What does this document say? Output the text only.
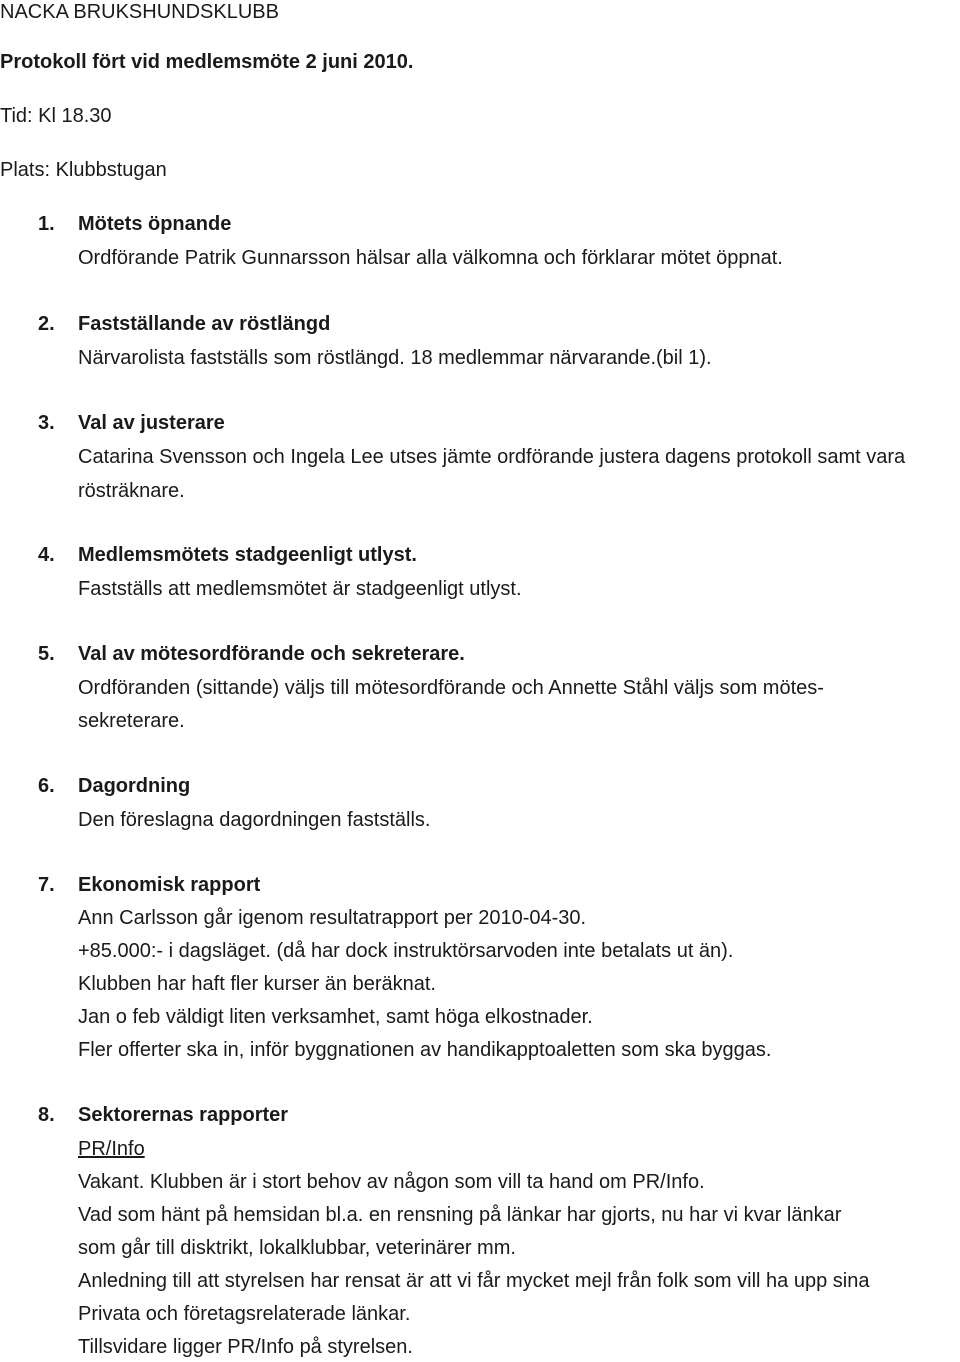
NACKA BRUKSHUNDSKLUBB
Protokoll fört vid medlemsmöte 2 juni 2010.
Tid: Kl 18.30
Plats: Klubbstugan
1. Mötets öpnande
Ordförande Patrik Gunnarsson hälsar alla välkomna och förklarar mötet öppnat.
2. Fastställande av röstlängd
Närvarolista fastställs som röstlängd. 18 medlemmar närvarande.(bil 1).
3. Val av justerare
Catarina Svensson och Ingela Lee utses jämte ordförande justera dagens protokoll samt vara
rösträknare.
4. Medlemsmötets stadgeenligt utlyst.
Fastställs att medlemsmötet är stadgeenligt utlyst.
5. Val av mötesordförande och sekreterare.
Ordföranden (sittande) väljs till mötesordförande och Annette Ståhl väljs som mötes-
sekreterare.
6. Dagordning
Den föreslagna dagordningen fastställs.
7. Ekonomisk rapport
Ann Carlsson går igenom resultatrapport per 2010-04-30.
+85.000:- i dagsläget. (då har dock instruktörsarvoden inte betalats ut än).
Klubben har haft fler kurser än beräknat.
Jan o feb väldigt liten verksamhet, samt höga elkostnader.
Fler offerter ska in, inför byggnationen av handikapptoaletten som ska byggas.
8. Sektorernas rapporter
PR/Info
Vakant. Klubben är i stort behov av någon som vill ta hand om PR/Info.
Vad som hänt på hemsidan bl.a. en rensning på länkar har gjorts, nu har vi kvar länkar
som går till disktrikt, lokalklubbar, veterinärer mm.
Anledning till att styrelsen har rensat är att vi får mycket mejl från folk som vill ha upp sina
Privata och företagsrelaterade länkar.
Tillsvidare ligger PR/Info på styrelsen.
